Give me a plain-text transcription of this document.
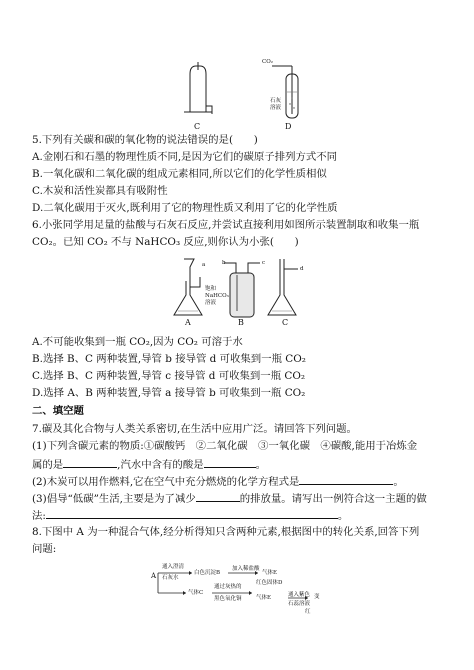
C
CO₂
石灰
溶液
D
5.下列有关碳和碳的氧化物的说法错误的是(　　)
A.金刚石和石墨的物理性质不同,是因为它们的碳原子排列方式不同
B.一氧化碳和二氧化碳的组成元素相同,所以它们的化学性质相似
C.木炭和活性炭都具有吸附性
D.二氧化碳用于灭火,既利用了它的物理性质又利用了它的化学性质
6.小张同学用足量的盐酸与石灰石反应,并尝试直接利用如图所示装置制取和收集一瓶
CO₂。已知 CO₂ 不与 NaHCO₃ 反应,则你认为小张(　　)
a	b	c
d
饱和
NaHCO₃
溶液
A	B	C
A.不可能收集到一瓶 CO₂,因为 CO₂ 可溶于水
B.选择 B、C 两种装置,导管 b 接导管 d 可收集到一瓶 CO₂
C.选择 B、C 两种装置,导管 c 接导管 d 可收集到一瓶 CO₂
D.选择 A、B 两种装置,导管 a 接导管 b 可收集到一瓶 CO₂
二、填空题
7.碳及其化合物与人类关系密切,在生活中应用广泛。请回答下列问题。
(1)下列含碳元素的物质:①碳酸钙　②二氧化碳　③一氧化碳　④碳酸,能用于冶炼金
属的是	,汽水中含有的酸是	。
(2)木炭可以用作燃料,它在空气中充分燃烧的化学方程式是	。
(3)倡导“低碳”生活,主要是为了减少	的排放量。请写出一例符合这一主题的做
法:	。
8.下图中 A 为一种混合气体,经分析得知只含两种元素,根据图中的转化关系,回答下列
问题:
A
通入澄清
石灰水
白色沉淀B
加入稀盐酸
气体E
气体C
通过灰热的
黑色氧化铜
红色固体D
气体E	通入紫色
石蕊溶液
变
红
